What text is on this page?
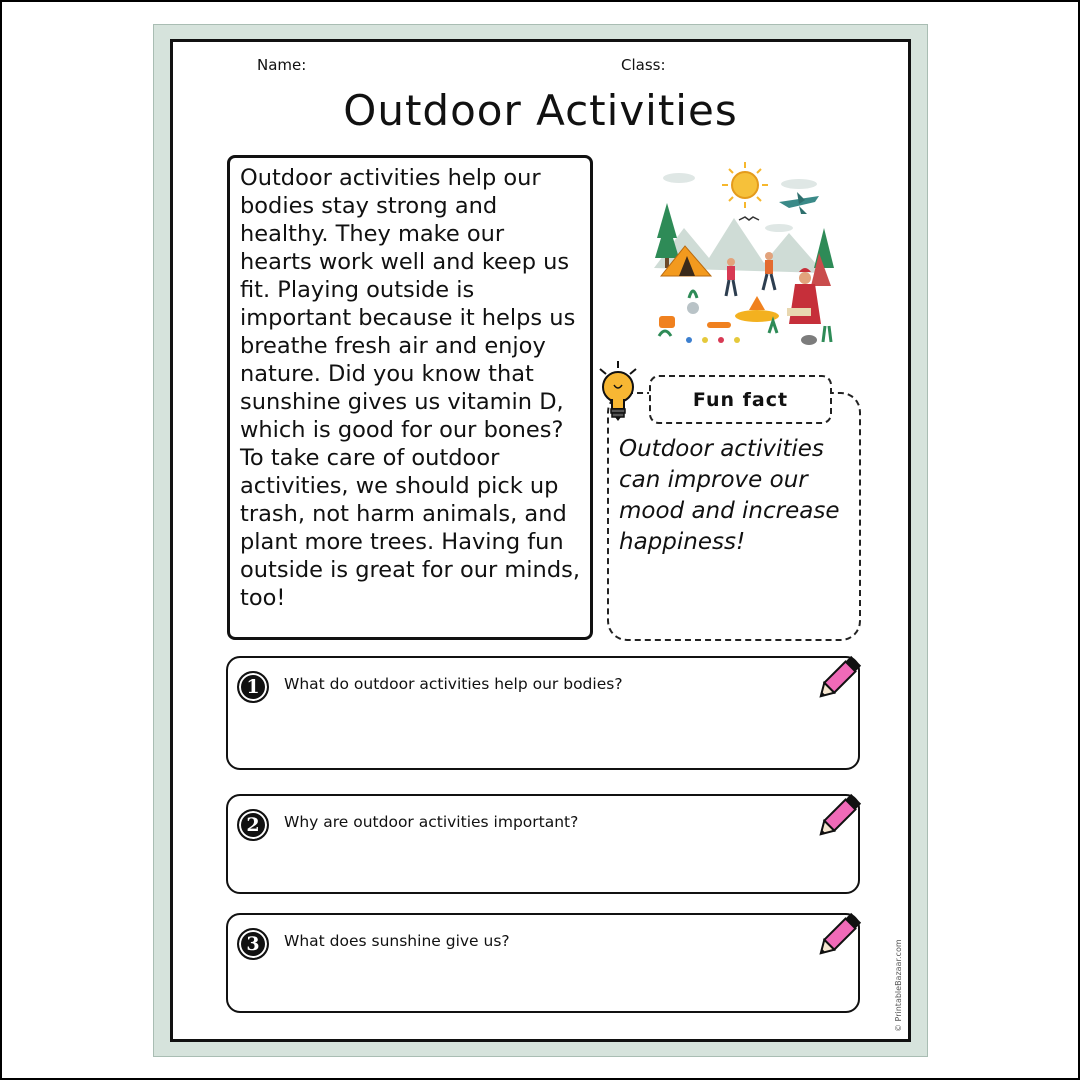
Name:	Class:
Outdoor Activities

Outdoor activities help our bodies stay strong and healthy. They make our hearts work well and keep us fit. Playing outside is important because it helps us breathe fresh air and enjoy nature. Did you know that sunshine gives us vitamin D, which is good for our bones? To take care of outdoor activities, we should pick up trash, not harm animals, and plant more trees. Having fun outside is great for our minds, too!

Fun fact
Outdoor activities can improve our mood and increase happiness!
1	What do outdoor activities help our bodies?
2	Why are outdoor activities important?
3	What does sunshine give us?	© PrintableBazaar.com
